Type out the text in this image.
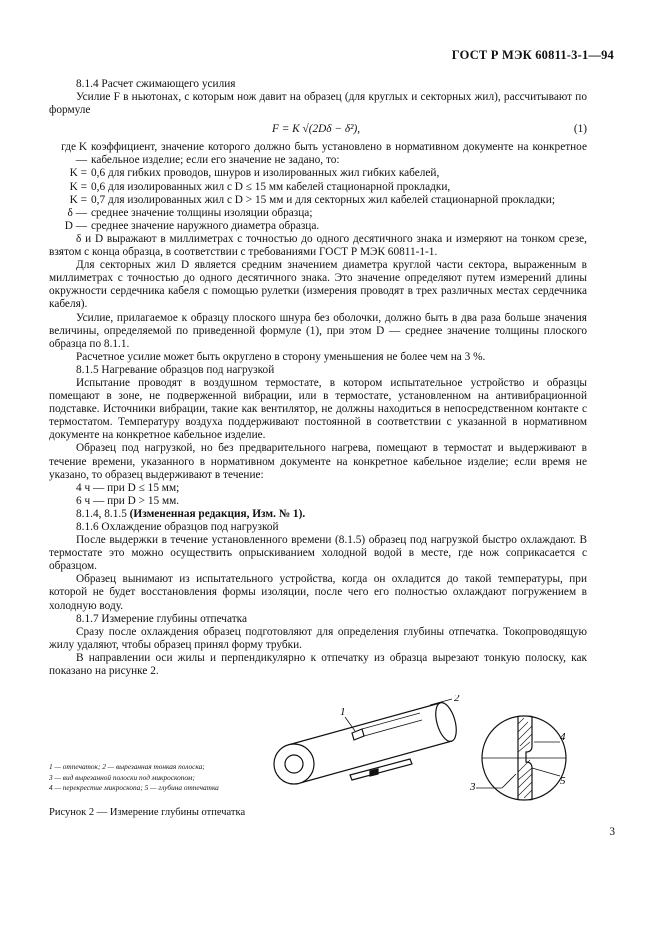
ГОСТ Р МЭК 60811-3-1—94

8.1.4 Расчет сжимающего усилия

Усилие F в ньютонах, с которым нож давит на образец (для круглых и секторных жил), рассчитывают по формуле

F = K √(2Dδ − δ²),	(1)
где K —
коэффициент, значение которого должно быть установлено в нормативном документе на конкретное кабельное изделие; если его значение не задано, то:
K = 0,6 для гибких проводов, шнуров и изолированных жил гибких кабелей,
K = 0,6 для изолированных жил с D ≤ 15 мм кабелей стационарной прокладки,
K = 0,7 для изолированных жил с D > 15 мм и для секторных жил кабелей стационарной прокладки;
δ — среднее значение толщины изоляции образца;
D — среднее значение наружного диаметра образца.

δ и D выражают в миллиметрах с точностью до одного десятичного знака и измеряют на тонком срезе, взятом с конца образца, в соответствии с требованиями ГОСТ Р МЭК 60811-1-1.

Для секторных жил D является средним значением диаметра круглой части сектора, выраженным в миллиметрах с точностью до одного десятичного знака. Это значение определяют путем измерений длины окружности сердечника кабеля с помощью рулетки (измерения проводят в трех различных местах сердечника кабеля).

Усилие, прилагаемое к образцу плоского шнура без оболочки, должно быть в два раза больше значения величины, определяемой по приведенной формуле (1), при этом D — среднее значение толщины плоского образца по 8.1.1.

Расчетное усилие может быть округлено в сторону уменьшения не более чем на 3 %.

8.1.5 Нагревание образцов под нагрузкой

Испытание проводят в воздушном термостате, в котором испытательное устройство и образцы помещают в зоне, не подверженной вибрации, или в термостате, установленном на антивибрационной подставке. Источники вибрации, такие как вентилятор, не должны находиться в непосредственном контакте с термостатом. Температуру воздуха поддерживают постоянной в соответствии с указанной в нормативном документе на конкретное кабельное изделие.

Образец под нагрузкой, но без предварительного нагрева, помещают в термостат и выдерживают в течение времени, указанного в нормативном документе на конкретное кабельное изделие; если время не указано, то образец выдерживают в течение:

4 ч — при D ≤ 15 мм;

6 ч — при D > 15 мм.

8.1.4, 8.1.5 (Измененная редакция, Изм. № 1).

8.1.6 Охлаждение образцов под нагрузкой

После выдержки в течение установленного времени (8.1.5) образец под нагрузкой быстро охлаждают. В термостате это можно осуществить опрыскиванием холодной водой в месте, где нож соприкасается с образцом.

Образец вынимают из испытательного устройства, когда он охладится до такой температуры, при которой не будет восстановления формы изоляции, после чего его полностью охлаждают погружением в холодную воду.

8.1.7 Измерение глубины отпечатка

Сразу после охлаждения образец подготовляют для определения глубины отпечатка. Токопроводящую жилу удаляют, чтобы образец принял форму трубки.

В направлении оси жилы и перпендикулярно к отпечатку из образца вырезают тонкую полоску, как показано на рисунке 2.

1
2
4
5
3
1 — отпечаток; 2 — вырезанная тонкая полоска;
3 — вид вырезанной полоски под микроскопом;
4 — перекрестие микроскопа; 5 — глубина отпечатка
Рисунок 2 — Измерение глубины отпечатка
3
